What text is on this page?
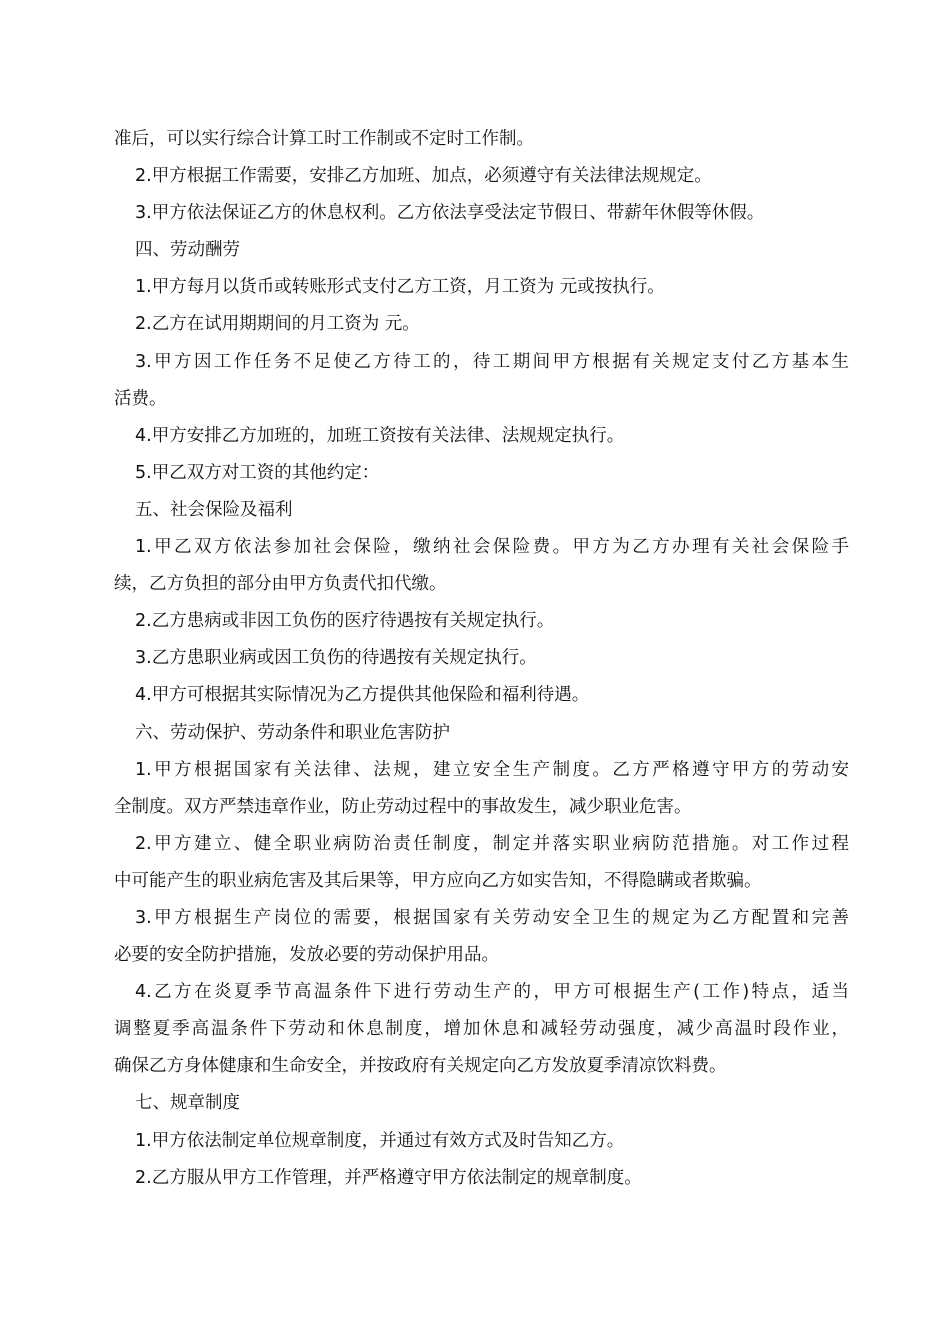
准后，可以实行综合计算工时工作制或不定时工作制。
2.甲方根据工作需要，安排乙方加班、加点，必须遵守有关法律法规规定。
3.甲方依法保证乙方的休息权利。乙方依法享受法定节假日、带薪年休假等休假。
四、劳动酬劳
1.甲方每月以货币或转账形式支付乙方工资，月工资为 元或按执行。
2.乙方在试用期期间的月工资为 元。
3.甲方因工作任务不足使乙方待工的，待工期间甲方根据有关规定支付乙方基本生
活费。
4.甲方安排乙方加班的，加班工资按有关法律、法规规定执行。
5.甲乙双方对工资的其他约定：
五、社会保险及福利
1.甲乙双方依法参加社会保险，缴纳社会保险费。甲方为乙方办理有关社会保险手
续，乙方负担的部分由甲方负责代扣代缴。
2.乙方患病或非因工负伤的医疗待遇按有关规定执行。
3.乙方患职业病或因工负伤的待遇按有关规定执行。
4.甲方可根据其实际情况为乙方提供其他保险和福利待遇。
六、劳动保护、劳动条件和职业危害防护
1.甲方根据国家有关法律、法规，建立安全生产制度。乙方严格遵守甲方的劳动安
全制度。双方严禁违章作业，防止劳动过程中的事故发生，减少职业危害。
2.甲方建立、健全职业病防治责任制度，制定并落实职业病防范措施。对工作过程
中可能产生的职业病危害及其后果等，甲方应向乙方如实告知，不得隐瞒或者欺骗。
3.甲方根据生产岗位的需要，根据国家有关劳动安全卫生的规定为乙方配置和完善
必要的安全防护措施，发放必要的劳动保护用品。
4.乙方在炎夏季节高温条件下进行劳动生产的，甲方可根据生产(工作)特点，适当
调整夏季高温条件下劳动和休息制度，增加休息和减轻劳动强度，减少高温时段作业，
确保乙方身体健康和生命安全，并按政府有关规定向乙方发放夏季清凉饮料费。
七、规章制度
1.甲方依法制定单位规章制度，并通过有效方式及时告知乙方。
2.乙方服从甲方工作管理，并严格遵守甲方依法制定的规章制度。
